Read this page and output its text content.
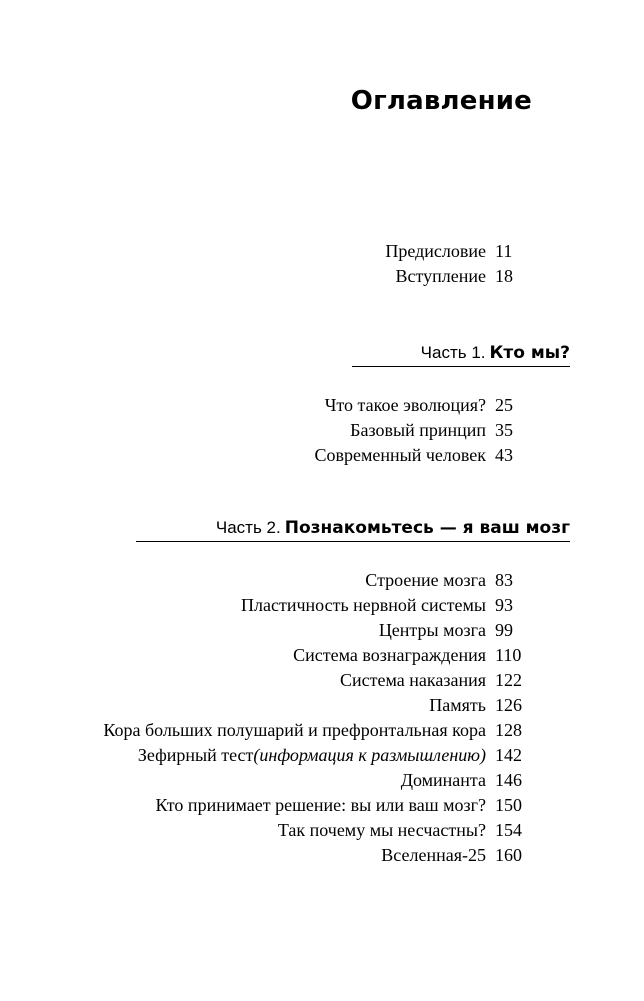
Оглавление
Предисловие 11
Вступление 18
Часть 1. Кто мы?
Что такое эволюция? 25
Базовый принцип 35
Современный человек 43
Часть 2. Познакомьтесь — я ваш мозг
Строение мозга 83
Пластичность нервной системы 93
Центры мозга 99
Система вознаграждения 110
Система наказания 122
Память 126
Кора больших полушарий и префронтальная кора 128
Зефирный тест(информация к размышлению) 142
Доминанта 146
Кто принимает решение: вы или ваш мозг? 150
Так почему мы несчастны? 154
Вселенная-25 160
